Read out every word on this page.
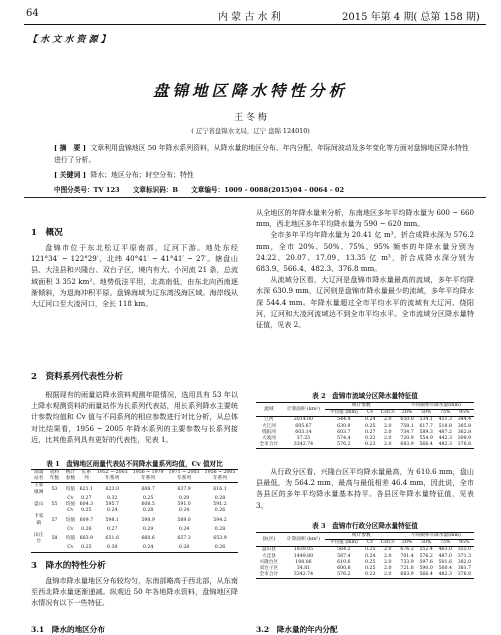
64	内 蒙 古 水 利	2015 年第 4 期( 总第 158 期)
【 水 文 水 资 源 】
盘锦地区降水特性分析
王 冬 梅
( 辽宁省盘锦水文局，辽宁 盘锦 124010)
[ 摘　要 ] 文章利用盘锦地区 50 年降水系列资料，从降水量的地区分布、年内分配、年际间波动及多年变化等方面对盘锦地区降水特性进行了分析。
[ 关键词 ] 降水；地区分布；时空分布；特性
中图分类号：TV 123　　文章标识码：B　　文章编号：1009 - 0088(2015)04 - 0064 - 02
1　概况

盘锦市位于东北松辽平原南部，辽河下游。地处东经 121°34′ ~ 122°29′，北纬 40°41′ ~ 41°41′ ~ 27′。辖盘山县、大洼县和兴隆台、双台子区，境内有大、小河流 21 条，总流域面积 3 352 km²。地势低洼平坦，北高南低，由东北向西南逐渐倾斜，为退海冲积平原。盘锦海域为辽东湾浅海区域。海岸线从大辽河口至大凌河口，全长 118 km。

2　资料系列代表性分析

根据现有的雨量站降水资料观测年限情况，选用具有 53 年以上降水观测资料的雨量站作为长系列代表站，用长系列降水主要统计参数均值和 Cv 值与不同系列的相应参数进行对比分析，从总体对比结果看，1956 ~ 2005 年降水系列的主要参数与长系列接近，比其他系列具有更好的代表性，见表 1。

表 1　盘锦地区雨量代表站不同降水量系列均值，Cv 值对比
雨量站名	资料年数	统计参数	长系列	1952 ~ 2003 年系列	1956 ~ 1979 年系列	1971 ~ 2003 年系列	1956 ~ 2005 年系列
王家镇闸	53	均值	621.1	623.0	608.7	637.9	616.1
		Cv	0.27	0.32	0.25	0.29	0.28
盘山	55	均值	604.3	595.7	608.5	591.0	591.2
		Cv	0.25	0.24	0.28	0.24	0.26
卡家镇	57	均值	609.7	598.1	598.9	589.0	594.2
		Cv	0.26	0.27	0.29	0.24	0.28
田庄台	58	均值	663.9	651.6	660.6	657.3	653.9
		Cv	0.25	0.30	0.24	0.28	0.26
3　降水的特性分析

盘锦市降水量地区分布较均匀，东南部略高于西北部，从东南至西北降水量逐渐递减。纵观近 50 年各地降水资料，盘锦地区降水情况有以下一些特征。

3.1　降水的地区分布

从全地区的年降水量来分析，东南地区多年平均降水量为 600 ~ 660 mm，西北地区多年平均降水量为 590 ~ 620 mm。

全市多年平均年降水量为 20.41 亿 m³，折合成降水深为 576.2 mm，全市 20%、50%、75%、95% 频率的年降水量分别为 24.22、20.07、17.09、13.35 亿 m³，折合成降水深分别为 683.9、566.4、482.3、376.8 mm。

从流域分区看，大辽河是盘锦市降水量最高的流域，多年平均降水深 630.9 mm，辽河则是盘锦市降水量最少的流域，多年平均降水深 544.4 mm。年降水量超过全市平均水平的流域有大辽河、绕阳河，辽河和大凌河流域达不到全市平均水平。全市流域分区降水量特征值，见表 2。

表 2　盘锦市流域分区降水量特征值
流域	计算面积 (km²)	统计参数			不同频率年降水量(mm)			
		平均值 (mm)	Cv	Cs/Cv	20%	50%	75%	95%
辽河	2014.00	544.4	0.24	2.0	650.0	534.1	451.3	344.4
大辽河	605.67	630.9	0.25	2.0	758.1	617.7	518.8	385.8
绕阳河	603.14	603.7	0.27	2.0	734.7	589.3	487.2	362.8
大凌河	37.25	574.4	0.32	2.0	720.9	554.9	442.3	308.9
全市合计	3342.74	576.2	0.23	2.0	683.9	566.4	482.3	376.8

从行政分区看，兴隆台区平均降水量最高，为 610.6 mm，盘山县最低，为 564.2 mm，最高与最低相差 46.4 mm，因此说，全市各县区的多年平均降水量基本持平。各县区年降水量特征值，见表 3。

表 3　盘锦市行政分区降水量特征值
县(区)	计算面积 (km²)	统计参数			不同频率年降水量(mm)			
		平均值 (mm)	Cv	Cs/Cv	20%	50%	75%	95%
盘山县	1839.05	564.2	0.25	2.0	676.2	552.4	463.0	355.0
大洼县	1449.80	587.4	0.24	2.0	701.4	576.2	487.0	371.3
兴隆台区	198.06	610.6	0.25	2.0	733.9	597.6	501.6	382.0
双台子区	34.81	600.8	0.25	2.0	721.8	590.0	500.4	381.7
全市合计	3342.74	576.2	0.23	2.0	683.9	566.4	482.3	376.8
3.2　降水量的年内分配
